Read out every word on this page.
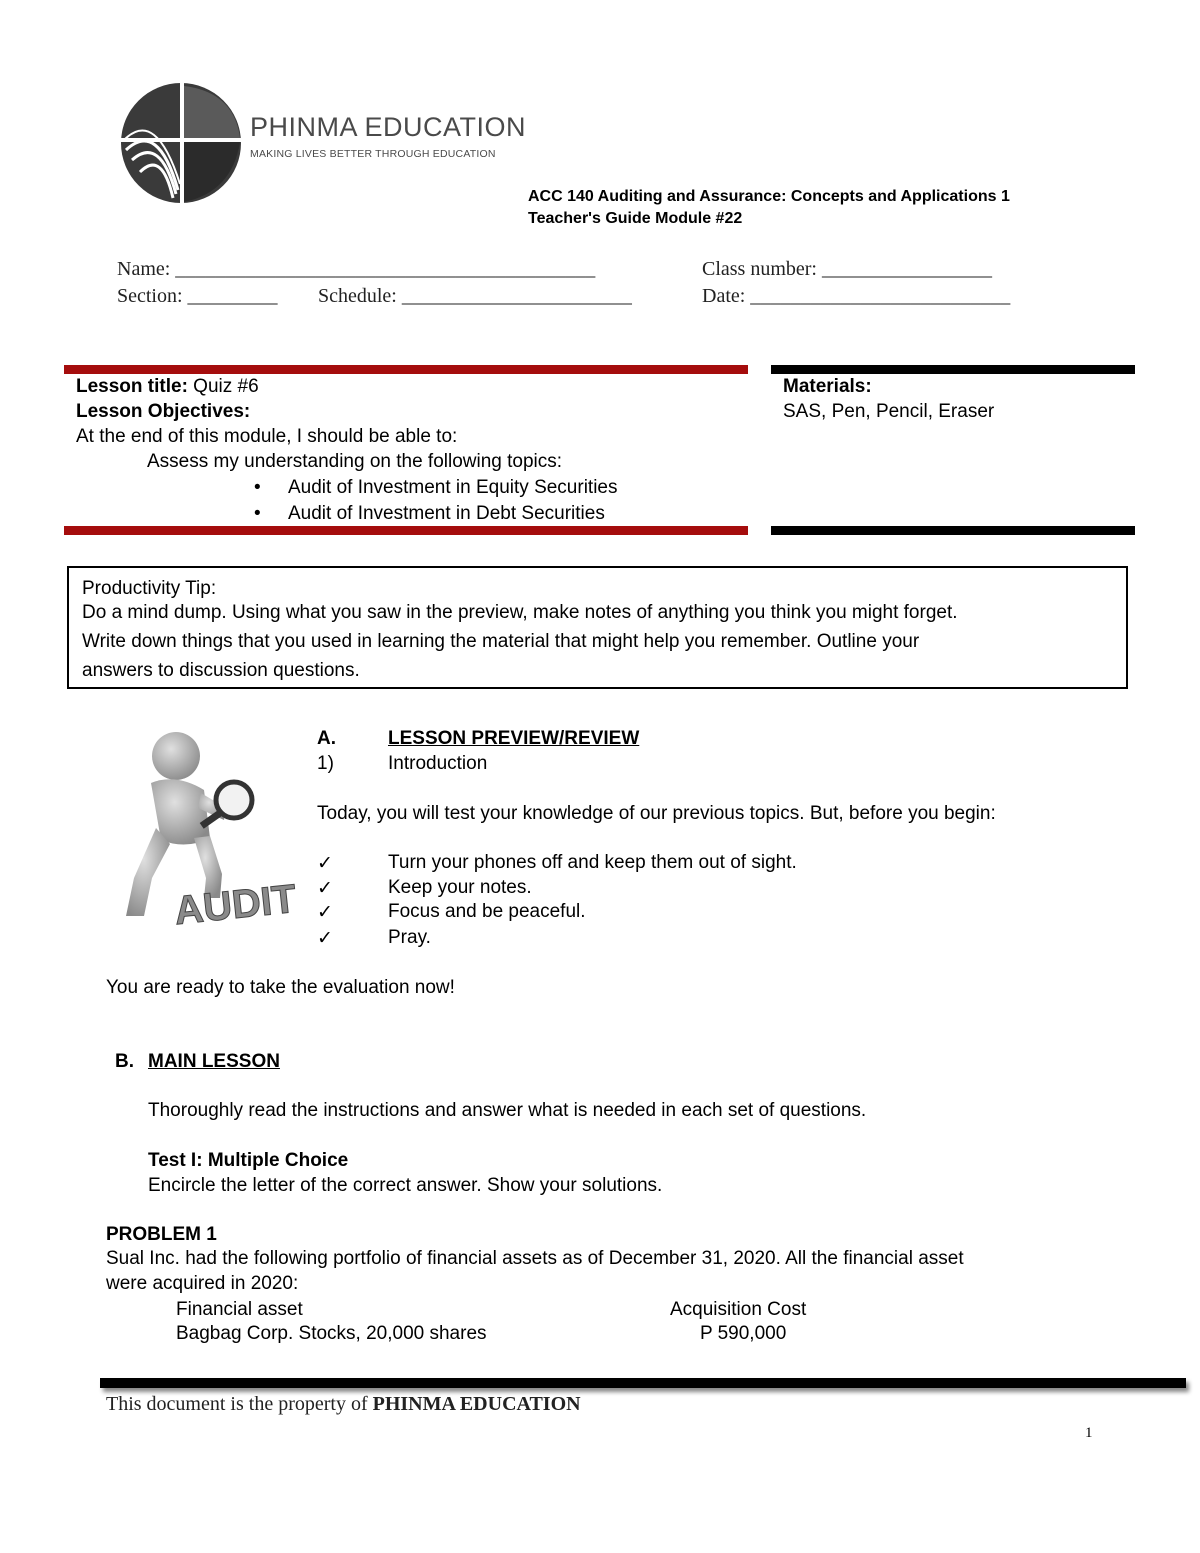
PHINMA EDUCATION
MAKING LIVES BETTER THROUGH EDUCATION
ACC 140 Auditing and Assurance: Concepts and Applications 1
Teacher's Guide Module #22
Name: __________________________________________	Class number: _________________
Section: _________ Schedule: _______________________	Date: __________________________
Lesson title: Quiz #6
Lesson Objectives:
At the end of this module, I should be able to:
Assess my understanding on the following topics:
• Audit of Investment in Equity Securities
• Audit of Investment in Debt Securities
Materials:
SAS, Pen, Pencil, Eraser
Productivity Tip:
Do a mind dump. Using what you saw in the preview, make notes of anything you think you might forget.
Write down things that you used in learning the material that might help you remember. Outline your
answers to discussion questions.
AUDIT
A.	LESSON PREVIEW/REVIEW
1)	Introduction
Today, you will test your knowledge of our previous topics. But, before you begin:
✓	Turn your phones off and keep them out of sight.
✓	Keep your notes.
✓	Focus and be peaceful.
✓	Pray.
You are ready to take the evaluation now!
B. MAIN LESSON
Thoroughly read the instructions and answer what is needed in each set of questions.
Test I: Multiple Choice
Encircle the letter of the correct answer. Show your solutions.
PROBLEM 1
Sual Inc. had the following portfolio of financial assets as of December 31, 2020. All the financial asset
were acquired in 2020:
Financial asset	Acquisition Cost
Bagbag Corp. Stocks, 20,000 shares	P 590,000
This document is the property of PHINMA EDUCATION
1
